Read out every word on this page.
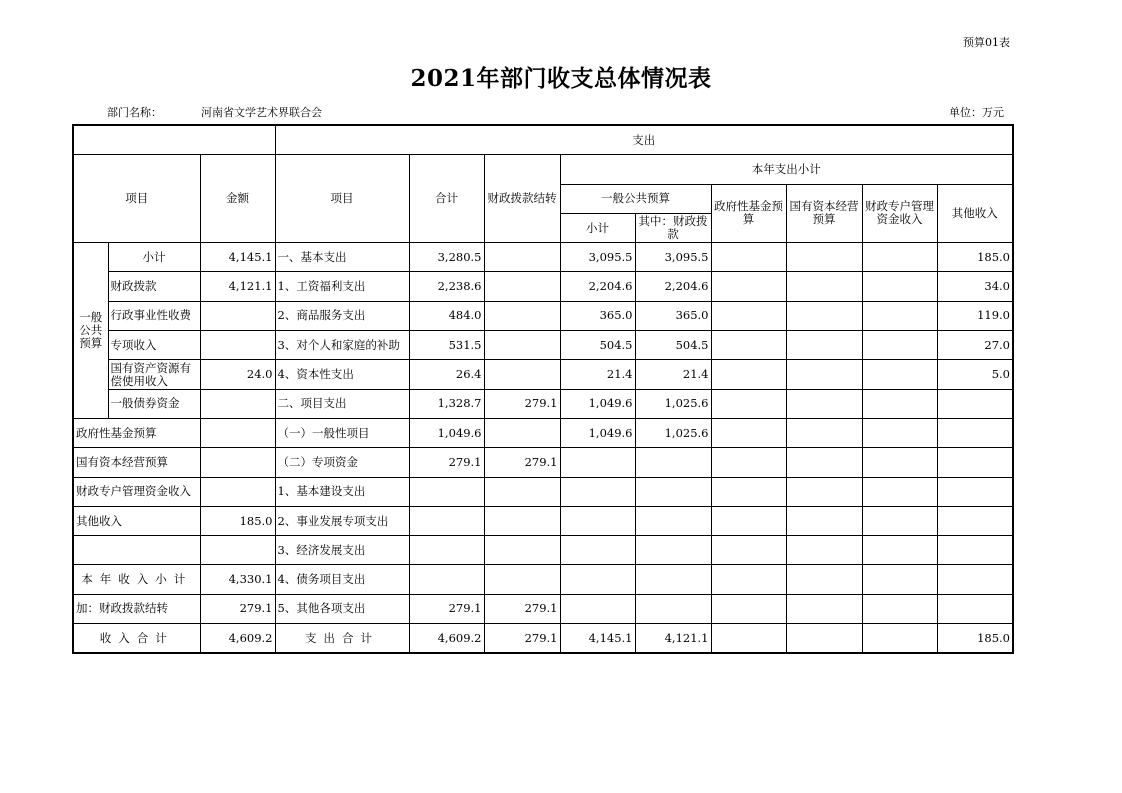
预算01表
2021年部门收支总体情况表
部门名称：	河南省文学艺术界联合会	单位：万元
			支出								
项目		金额	项目	合计	财政拨款结转	本年支出小计					
						一般公共预算		政府性基金预算	国有资本经营预算	财政专户管理资金收入	其他收入
						小计	其中：财政拨款				
一般公共预算	小计	4,145.1	一、基本支出	3,280.5		3,095.5	3,095.5				185.0
	财政拨款	4,121.1	1、工资福利支出	2,238.6		2,204.6	2,204.6				34.0
	行政事业性收费		2、商品服务支出	484.0		365.0	365.0				119.0
	专项收入		3、对个人和家庭的补助	531.5		504.5	504.5				27.0
	国有资产资源有偿使用收入	24.0	4、资本性支出	26.4		21.4	21.4				5.0
	一般债券资金		二、项目支出	1,328.7	279.1	1,049.6	1,025.6				
政府性基金预算			（一）一般性项目	1,049.6		1,049.6	1,025.6				
国有资本经营预算			（二）专项资金	279.1	279.1						
财政专户管理资金收入			1、基本建设支出								
其他收入		185.0	2、事业发展专项支出								
			3、经济发展支出								
本年收入小计		4,330.1	4、债务项目支出								
加：财政拨款结转		279.1	5、其他各项支出	279.1	279.1						
收入合计		4,609.2	支出合计	4,609.2	279.1	4,145.1	4,121.1				185.0
